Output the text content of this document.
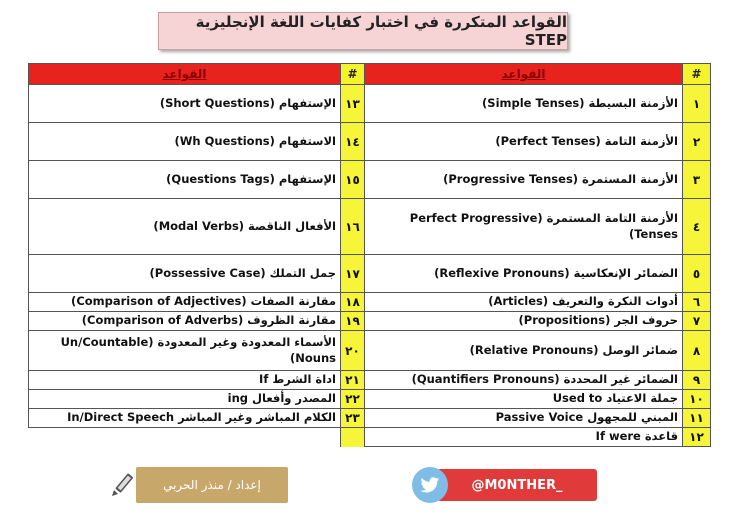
القواعد المتكررة في اختبار كفايات اللغة الإنجليزية STEP
القواعد	#	القواعد	#
الإستفهام (Short Questions)	١٣	الأزمنة البسيطة (Simple Tenses)	١
الاستفهام (Wh Questions)	١٤	الأزمنة التامة (Perfect Tenses)	٢
الإستفهام (Questions Tags)	١٥	الأزمنة المستمرة (Progressive Tenses)	٣
الأفعال الناقصة (Modal Verbs)	١٦	الأزمنة التامة المستمرة (Perfect Progressive Tenses)	٤
جمل التملك (Possessive Case)	١٧	الضمائر الإنعكاسية (Reflexive Pronouns)	٥
مقارنة الصفات (Comparison of Adjectives)	١٨	أدوات النكرة والتعريف (Articles)	٦
مقارنة الظروف (Comparison of Adverbs)	١٩	حروف الجر (Propositions)	٧
الأسماء المعدودة وغير المعدودة (Un/Countable Nouns)	٢٠	ضمائر الوصل (Relative Pronouns)	٨
اداة الشرط If	٢١	الضمائر غير المحددة (Quantifiers Pronouns)	٩
المصدر وأفعال ing	٢٢	جملة الاعتياد Used to	١٠
الكلام المباشر وغير المباشر In/Direct Speech	٢٣	المبني للمجهول Passive Voice	١١
		قاعدة If were	١٢
إعداد / منذر الحربي	@M0NTHER_
